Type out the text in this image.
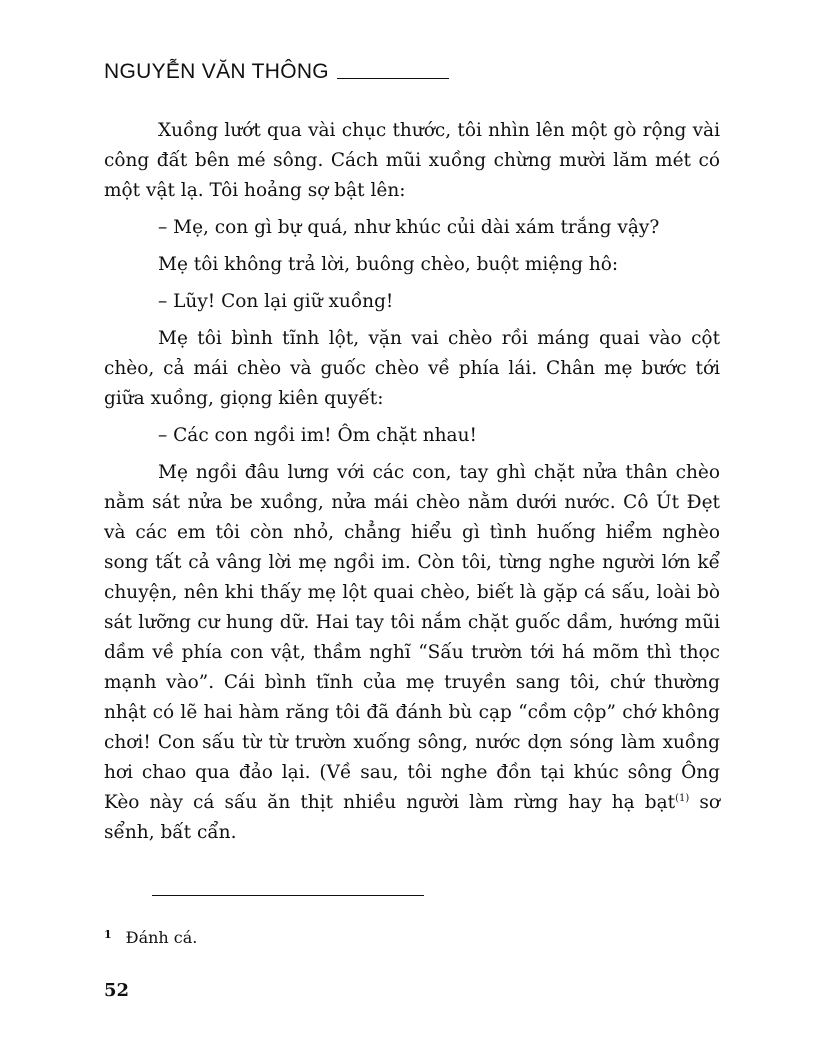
NGUYỄN VĂN THÔNG

Xuồng lướt qua vài chục thước, tôi nhìn lên một gò rộng vài công đất bên mé sông. Cách mũi xuồng chừng mười lăm mét có một vật lạ. Tôi hoảng sợ bật lên:

– Mẹ, con gì bự quá, như khúc củi dài xám trắng vậy?

Mẹ tôi không trả lời, buông chèo, buột miệng hô:

– Lũy! Con lại giữ xuồng!

Mẹ tôi bình tĩnh lột, vặn vai chèo rồi máng quai vào cột chèo, cả mái chèo và guốc chèo về phía lái. Chân mẹ bước tới giữa xuồng, giọng kiên quyết:

– Các con ngồi im! Ôm chặt nhau!

Mẹ ngồi đâu lưng với các con, tay ghì chặt nửa thân chèo nằm sát nửa be xuồng, nửa mái chèo nằm dưới nước. Cô Út Đẹt và các em tôi còn nhỏ, chẳng hiểu gì tình huống hiểm nghèo song tất cả vâng lời mẹ ngồi im. Còn tôi, từng nghe người lớn kể chuyện, nên khi thấy mẹ lột quai chèo, biết là gặp cá sấu, loài bò sát lưỡng cư hung dữ. Hai tay tôi nắm chặt guốc dầm, hướng mũi dầm về phía con vật, thầm nghĩ “Sấu trườn tới há mõm thì thọc mạnh vào”. Cái bình tĩnh của mẹ truyền sang tôi, chứ thường nhật có lẽ hai hàm răng tôi đã đánh bù cạp “cồm cộp” chớ không chơi! Con sấu từ từ trườn xuống sông, nước dợn sóng làm xuồng hơi chao qua đảo lại. (Về sau, tôi nghe đồn tại khúc sông Ông Kèo này cá sấu ăn thịt nhiều người làm rừng hay hạ bạt$^{(1)}$ sơ sểnh, bất cẩn.

$^1$ Đánh cá.
52
